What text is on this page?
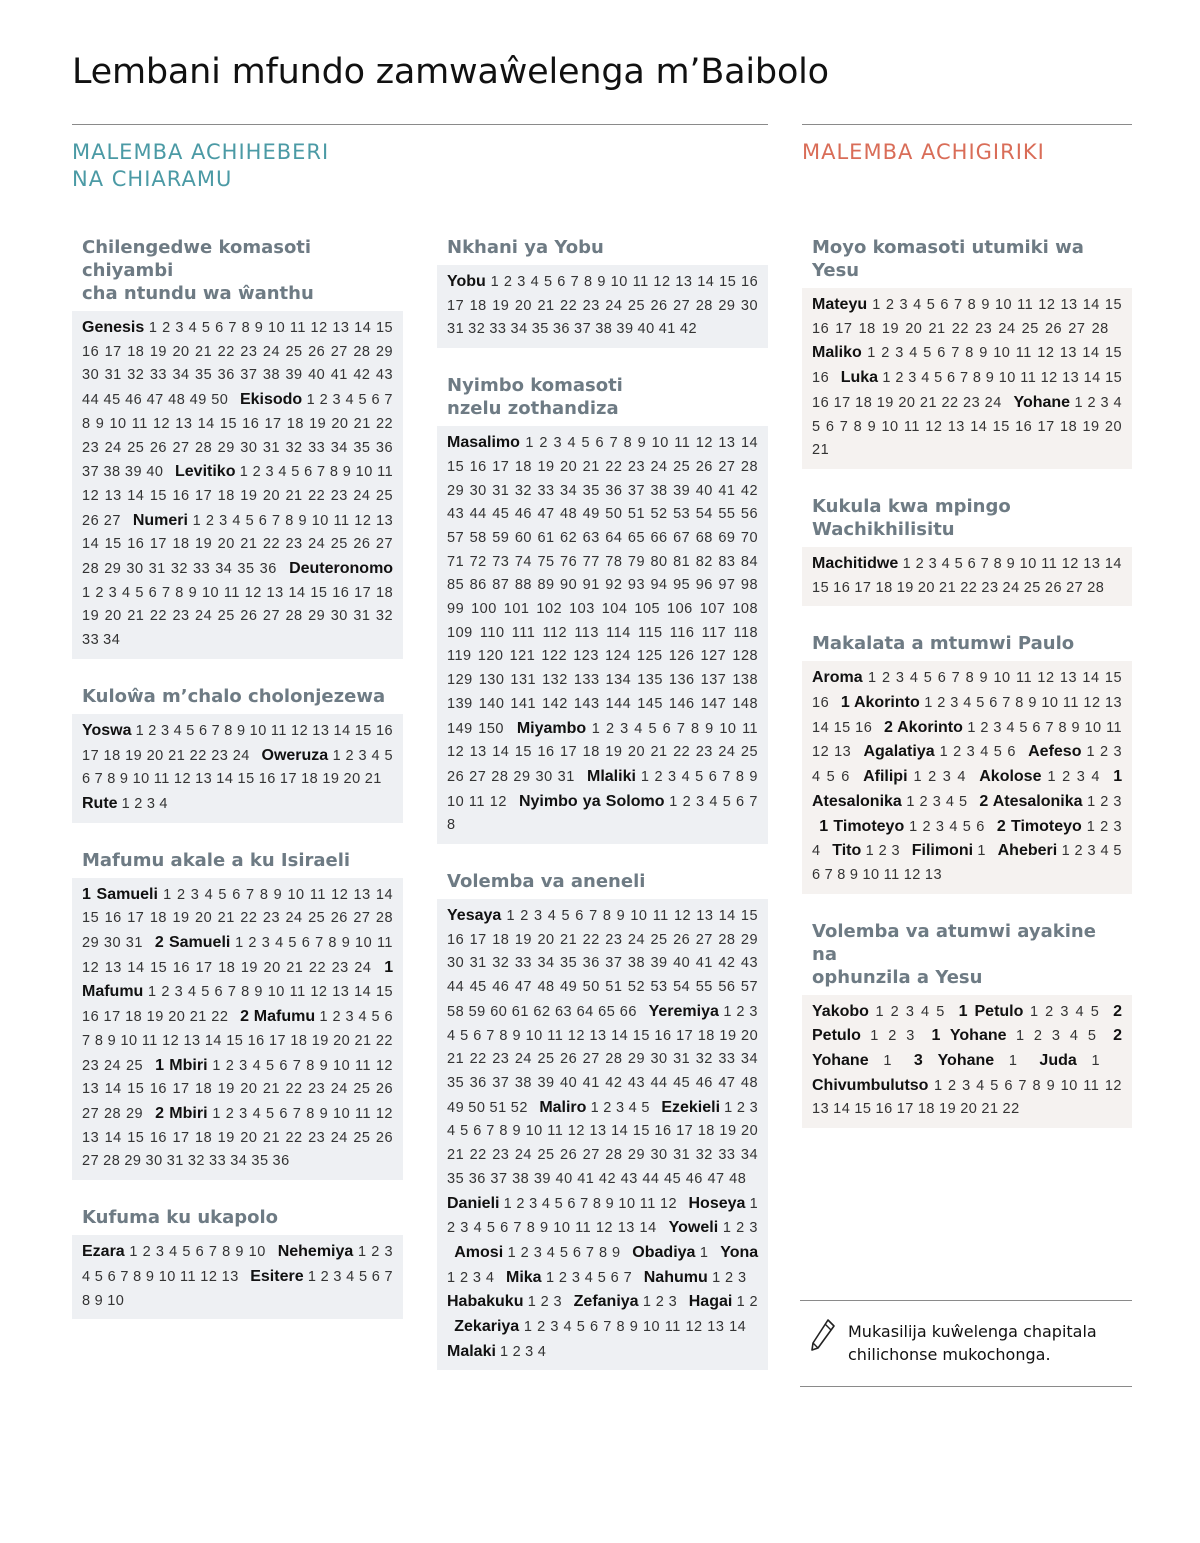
Lembani mfundo zamwaŵelenga m’Baibolo
MALEMBA ACHIHEBERI
NA CHIARAMU
MALEMBA ACHIGIRIKI
Chilengedwe komasoti chiyambi
cha ntundu wa ŵanthu
Genesis 1 2 3 4 5 6 7 8 9 10 11 12 13 14 15 16 17 18 19 20 21 22 23 24 25 26 27 28 29 30 31 32 33 34 35 36 37 38 39 40 41 42 43 44 45 46 47 48 49 50   Ekisodo 1 2 3 4 5 6 7 8 9 10 11 12 13 14 15 16 17 18 19 20 21 22 23 24 25 26 27 28 29 30 31 32 33 34 35 36 37 38 39 40   Levitiko 1 2 3 4 5 6 7 8 9 10 11 12 13 14 15 16 17 18 19 20 21 22 23 24 25 26 27   Numeri 1 2 3 4 5 6 7 8 9 10 11 12 13 14 15 16 17 18 19 20 21 22 23 24 25 26 27 28 29 30 31 32 33 34 35 36   Deuteronomo 1 2 3 4 5 6 7 8 9 10 11 12 13 14 15 16 17 18 19 20 21 22 23 24 25 26 27 28 29 30 31 32 33 34
Kuloŵa m’chalo cholonjezewa
Yoswa 1 2 3 4 5 6 7 8 9 10 11 12 13 14 15 16 17 18 19 20 21 22 23 24   Oweruza 1 2 3 4 5 6 7 8 9 10 11 12 13 14 15 16 17 18 19 20 21  Rute 1 2 3 4
Mafumu akale a ku Isiraeli
1 Samueli 1 2 3 4 5 6 7 8 9 10 11 12 13 14 15 16 17 18 19 20 21 22 23 24 25 26 27 28 29 30 31   2 Samueli 1 2 3 4 5 6 7 8 9 10 11 12 13 14 15 16 17 18 19 20 21 22 23 24   1 Mafumu 1 2 3 4 5 6 7 8 9 10 11 12 13 14 15 16 17 18 19 20 21 22   2 Mafumu 1 2 3 4 5 6 7 8 9 10 11 12 13 14 15 16 17 18 19 20 21 22 23 24 25   1 Mbiri 1 2 3 4 5 6 7 8 9 10 11 12 13 14 15 16 17 18 19 20 21 22 23 24 25 26 27 28 29   2 Mbiri 1 2 3 4 5 6 7 8 9 10 11 12 13 14 15 16 17 18 19 20 21 22 23 24 25 26 27 28 29 30 31 32 33 34 35 36
Kufuma ku ukapolo
Ezara 1 2 3 4 5 6 7 8 9 10   Nehemiya 1 2 3 4 5 6 7 8 9 10 11 12 13   Esitere 1 2 3 4 5 6 7 8 9 10
Nkhani ya Yobu
Yobu 1 2 3 4 5 6 7 8 9 10 11 12 13 14 15 16 17 18 19 20 21 22 23 24 25 26 27 28 29 30 31 32 33 34 35 36 37 38 39 40 41 42
Nyimbo komasoti
nzelu zothandiza
Masalimo 1 2 3 4 5 6 7 8 9 10 11 12 13 14 15 16 17 18 19 20 21 22 23 24 25 26 27 28 29 30 31 32 33 34 35 36 37 38 39 40 41 42 43 44 45 46 47 48 49 50 51 52 53 54 55 56 57 58 59 60 61 62 63 64 65 66 67 68 69 70 71 72 73 74 75 76 77 78 79 80 81 82 83 84 85 86 87 88 89 90 91 92 93 94 95 96 97 98 99 100 101 102 103 104 105 106 107 108 109 110 111 112 113 114 115 116 117 118 119 120 121 122 123 124 125 126 127 128 129 130 131 132 133 134 135 136 137 138 139 140 141 142 143 144 145 146 147 148 149 150   Miyambo 1 2 3 4 5 6 7 8 9 10 11 12 13 14 15 16 17 18 19 20 21 22 23 24 25 26 27 28 29 30 31   Mlaliki 1 2 3 4 5 6 7 8 9 10 11 12   Nyimbo ya Solomo 1 2 3 4 5 6 7 8
Volemba va aneneli
Yesaya 1 2 3 4 5 6 7 8 9 10 11 12 13 14 15 16 17 18 19 20 21 22 23 24 25 26 27 28 29 30 31 32 33 34 35 36 37 38 39 40 41 42 43 44 45 46 47 48 49 50 51 52 53 54 55 56 57 58 59 60 61 62 63 64 65 66   Yeremiya 1 2 3 4 5 6 7 8 9 10 11 12 13 14 15 16 17 18 19 20 21 22 23 24 25 26 27 28 29 30 31 32 33 34 35 36 37 38 39 40 41 42 43 44 45 46 47 48 49 50 51 52   Maliro 1 2 3 4 5   Ezekieli 1 2 3 4 5 6 7 8 9 10 11 12 13 14 15 16 17 18 19 20 21 22 23 24 25 26 27 28 29 30 31 32 33 34 35 36 37 38 39 40 41 42 43 44 45 46 47 48  Danieli 1 2 3 4 5 6 7 8 9 10 11 12   Hoseya 1 2 3 4 5 6 7 8 9 10 11 12 13 14   Yoweli 1 2 3  Amosi 1 2 3 4 5 6 7 8 9   Obadiya 1   Yona 1 2 3 4   Mika 1 2 3 4 5 6 7   Nahumu 1 2 3  Habakuku 1 2 3   Zefaniya 1 2 3   Hagai 1 2  Zekariya 1 2 3 4 5 6 7 8 9 10 11 12 13 14  Malaki 1 2 3 4
Moyo komasoti utumiki wa Yesu
Mateyu 1 2 3 4 5 6 7 8 9 10 11 12 13 14 15 16 17 18 19 20 21 22 23 24 25 26 27 28  Maliko 1 2 3 4 5 6 7 8 9 10 11 12 13 14 15 16   Luka 1 2 3 4 5 6 7 8 9 10 11 12 13 14 15 16 17 18 19 20 21 22 23 24   Yohane 1 2 3 4 5 6 7 8 9 10 11 12 13 14 15 16 17 18 19 20 21
Kukula kwa mpingo
Wachikhilisitu
Machitidwe 1 2 3 4 5 6 7 8 9 10 11 12 13 14 15 16 17 18 19 20 21 22 23 24 25 26 27 28
Makalata a mtumwi Paulo
Aroma 1 2 3 4 5 6 7 8 9 10 11 12 13 14 15 16   1 Akorinto 1 2 3 4 5 6 7 8 9 10 11 12 13 14 15 16   2 Akorinto 1 2 3 4 5 6 7 8 9 10 11 12 13   Agalatiya 1 2 3 4 5 6   Aefeso 1 2 3 4 5 6   Afilipi 1 2 3 4   Akolose 1 2 3 4   1 Atesalonika 1 2 3 4 5   2 Atesalonika 1 2 3  1 Timoteyo 1 2 3 4 5 6   2 Timoteyo 1 2 3 4   Tito 1 2 3   Filimoni 1   Aheberi 1 2 3 4 5 6 7 8 9 10 11 12 13
Volemba va atumwi ayakine na
ophunzila a Yesu
Yakobo 1 2 3 4 5   1 Petulo 1 2 3 4 5   2 Petulo 1 2 3   1 Yohane 1 2 3 4 5   2 Yohane 1   3 Yohane 1   Juda 1  Chivumbulutso 1 2 3 4 5 6 7 8 9 10 11 12 13 14 15 16 17 18 19 20 21 22
Mukasilija kuŵelenga chapitala
chilichonse mukochonga.
